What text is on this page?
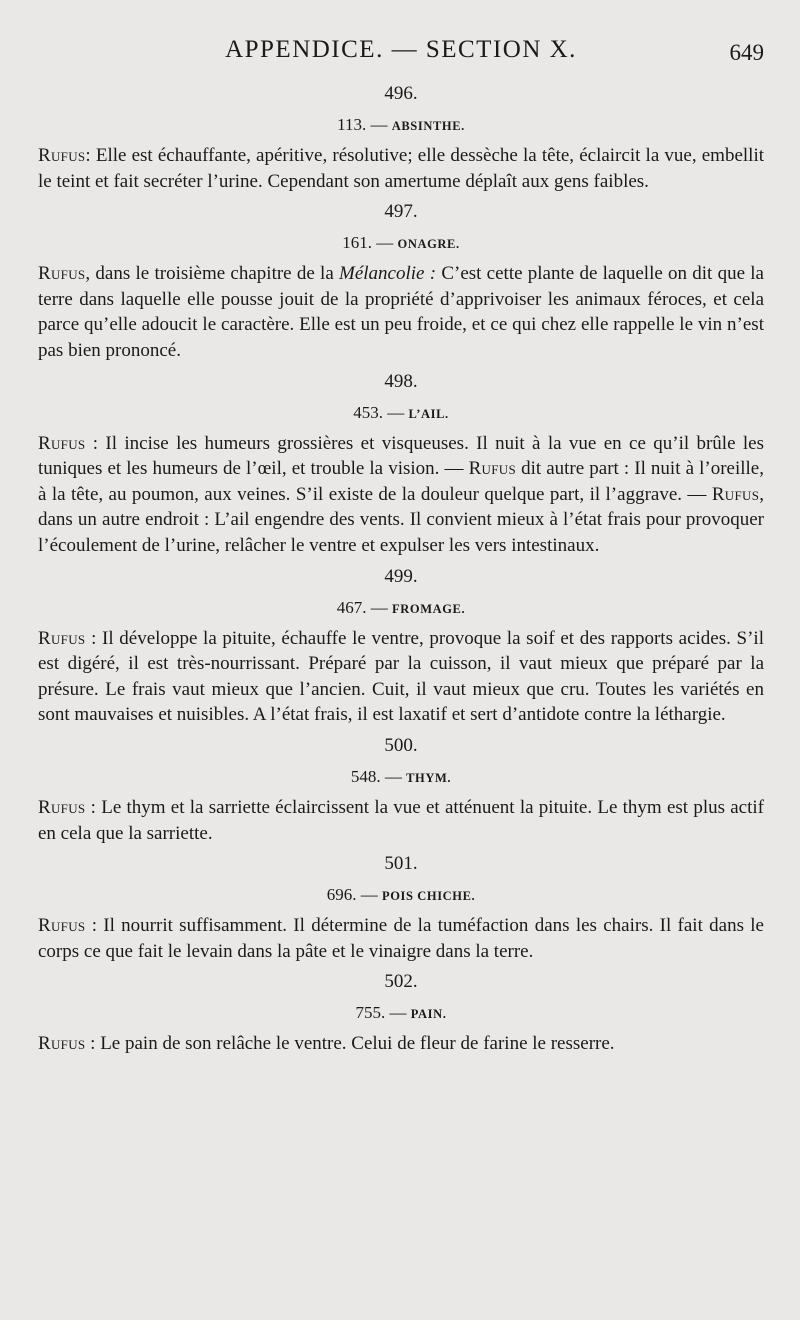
APPENDICE. — SECTION X.	649
496.
113. — ABSINTHE.

Rufus: Elle est échauffante, apéritive, résolutive; elle dessèche la tête, éclaircit la vue, embellit le teint et fait secréter l’urine. Cependant son amertume déplaît aux gens faibles.

497.
161. — ONAGRE.

Rufus, dans le troisième chapitre de la Mélancolie : C’est cette plante de laquelle on dit que la terre dans laquelle elle pousse jouit de la propriété d’apprivoiser les animaux féroces, et cela parce qu’elle adoucit le caractère. Elle est un peu froide, et ce qui chez elle rappelle le vin n’est pas bien prononcé.

498.
453. — L’AIL.

Rufus : Il incise les humeurs grossières et visqueuses. Il nuit à la vue en ce qu’il brûle les tuniques et les humeurs de l’œil, et trouble la vision. — Rufus dit autre part : Il nuit à l’oreille, à la tête, au poumon, aux veines. S’il existe de la douleur quelque part, il l’aggrave. — Rufus, dans un autre endroit : L’ail engendre des vents. Il convient mieux à l’état frais pour provoquer l’écoulement de l’urine, relâcher le ventre et expulser les vers intestinaux.

499.
467. — FROMAGE.

Rufus : Il développe la pituite, échauffe le ventre, provoque la soif et des rapports acides. S’il est digéré, il est très-nourrissant. Préparé par la cuisson, il vaut mieux que préparé par la présure. Le frais vaut mieux que l’ancien. Cuit, il vaut mieux que cru. Toutes les variétés en sont mauvaises et nuisibles. A l’état frais, il est laxatif et sert d’antidote contre la léthargie.

500.
548. — THYM.

Rufus : Le thym et la sarriette éclaircissent la vue et atténuent la pituite. Le thym est plus actif en cela que la sarriette.

501.
696. — POIS CHICHE.

Rufus : Il nourrit suffisamment. Il détermine de la tuméfaction dans les chairs. Il fait dans le corps ce que fait le levain dans la pâte et le vinaigre dans la terre.

502.
755. — PAIN.

Rufus : Le pain de son relâche le ventre. Celui de fleur de farine le resserre.
